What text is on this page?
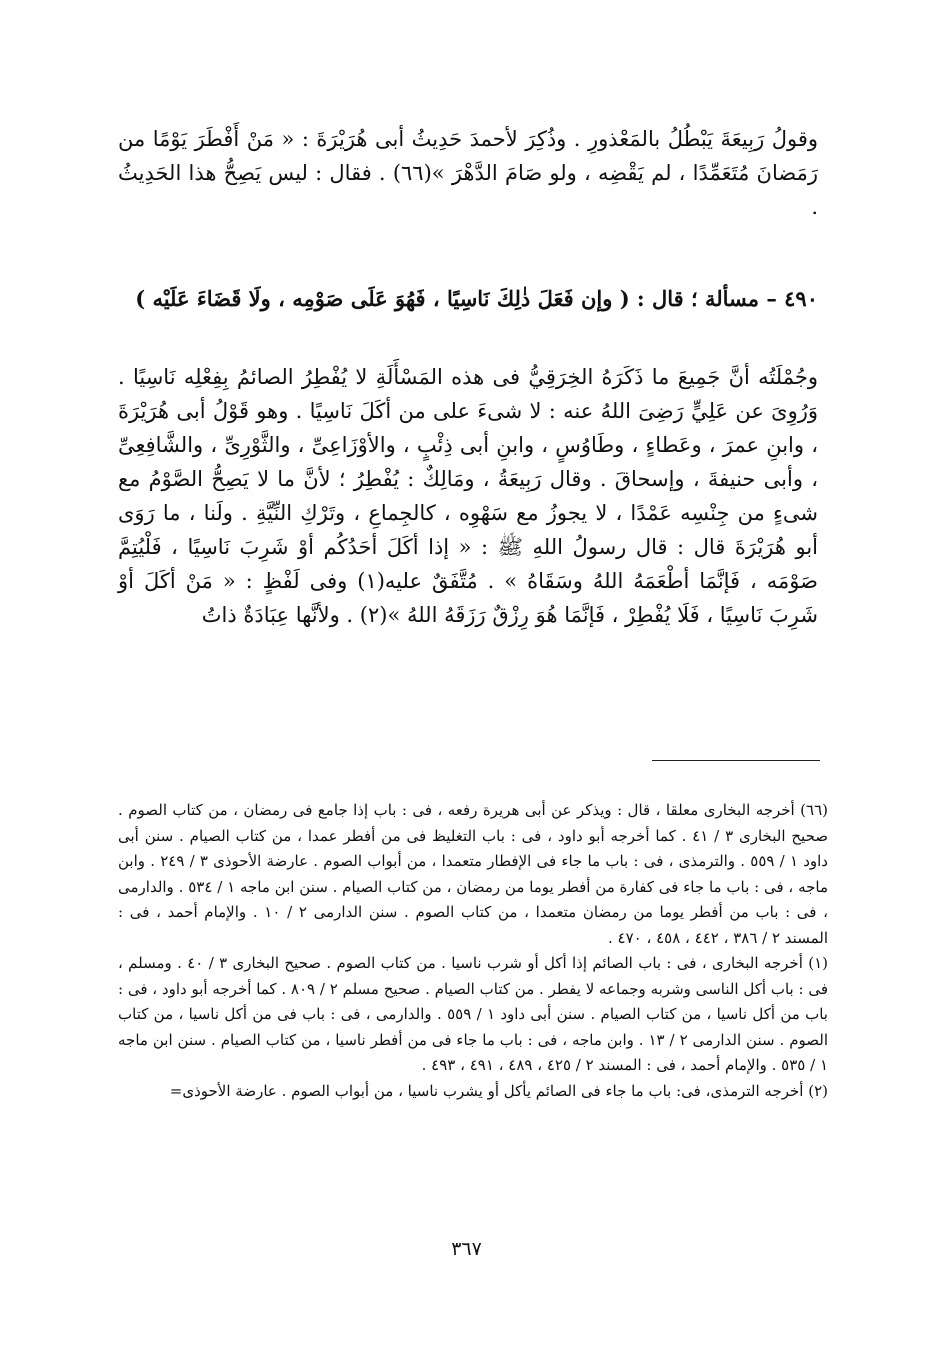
وقولُ رَبِيعَةَ يَبْطُلُ بالمَعْذورِ . وذُكِرَ لأحمدَ حَدِيثُ أبى هُرَيْرَةَ : « مَنْ أَفْطَرَ يَوْمًا من رَمَضانَ مُتَعَمِّدًا ، لم يَقْضِه ، ولو صَامَ الدَّهْرَ »(٦٦) . فقال : ليس يَصِحُّ هذا الحَدِيثُ .

٤٩٠ – مسألة ؛ قال : ( وإن فَعَلَ ذٰلِكَ نَاسِيًا ، فَهُوَ عَلَى صَوْمِه ، ولَا قَضَاءَ عَلَيْه )

وجُمْلَتُه أنَّ جَمِيعَ ما ذَكَرَهُ الخِرَقِيُّ فى هذه المَسْأَلَةِ لا يُفْطِرُ الصائمُ بِفِعْلِه نَاسِيًا . وَرُوِىَ عن عَلِيٍّ رَضِىَ اللهُ عنه : لا شىءَ على من أكَلَ نَاسِيًا . وهو قَوْلُ أبى هُرَيْرَةَ ، وابنِ عمرَ ، وعَطاءٍ ، وطَاوُسٍ ، وابنِ أبى ذِئْبٍ ، والأوْزَاعِىِّ ، والثَّوْرِىِّ ، والشَّافِعِىِّ ، وأبى حنيفةَ ، وإسحاقَ . وقال رَبِيعَةُ ، ومَالِكٌ : يُفْطِرُ ؛ لأنَّ ما لا يَصِحُّ الصَّوْمُ مع شىءٍ من جِنْسِه عَمْدًا ، لا يجوزُ مع سَهْوِه ، كالجِماعِ ، وتَرْكِ النِّيَّةِ . ولَنا ، ما رَوَى أبو هُرَيْرَةَ قال : قال رسولُ اللهِ ﷺ : « إذا أكَلَ أحَدُكُم أوْ شَرِبَ نَاسِيًا ، فَلْيُتِمَّ صَوْمَه ، فَإنَّمَا أطْعَمَهُ اللهُ وسَقَاهُ » . مُتَّفَقٌ عليه(١) وفى لَفْظٍ : « مَنْ أكَلَ أوْ شَرِبَ نَاسِيًا ، فَلَا يُفْطِرْ ، فَإنَّمَا هُوَ رِزْقٌ رَزَقَهُ اللهُ »(٢) . ولأنَّها عِبَادَةٌ ذاتُ

(٦٦) أخرجه البخارى معلقا ، قال : ويذكر عن أبى هريرة رفعه ، فى : باب إذا جامع فى رمضان ، من كتاب الصوم . صحيح البخارى ٣ / ٤١ . كما أخرجه أبو داود ، فى : باب التغليظ فى من أفطر عمدا ، من كتاب الصيام . سنن أبى داود ١ / ٥٥٩ . والترمذى ، فى : باب ما جاء فى الإفطار متعمدا ، من أبواب الصوم . عارضة الأحوذى ٣ / ٢٤٩ . وابن ماجه ، فى : باب ما جاء فى كفارة من أفطر يوما من رمضان ، من كتاب الصيام . سنن ابن ماجه ١ / ٥٣٤ . والدارمى ، فى : باب من أفطر يوما من رمضان متعمدا ، من كتاب الصوم . سنن الدارمى ٢ / ١٠ . والإمام أحمد ، فى : المسند ٢ / ٣٨٦ ، ٤٤٢ ، ٤٥٨ ، ٤٧٠ .

(١) أخرجه البخارى ، فى : باب الصائم إذا أكل أو شرب ناسيا . من كتاب الصوم . صحيح البخارى ٣ / ٤٠ . ومسلم ، فى : باب أكل الناسى وشربه وجماعه لا يفطر . من كتاب الصيام . صحيح مسلم ٢ / ٨٠٩ . كما أخرجه أبو داود ، فى : باب من أكل ناسيا ، من كتاب الصيام . سنن أبى داود ١ / ٥٥٩ . والدارمى ، فى : باب فى من أكل ناسيا ، من كتاب الصوم . سنن الدارمى ٢ / ١٣ . وابن ماجه ، فى : باب ما جاء فى من أفطر ناسيا ، من كتاب الصيام . سنن ابن ماجه ١ / ٥٣٥ . والإمام أحمد ، فى : المسند ٢ / ٤٢٥ ، ٤٨٩ ، ٤٩١ ، ٤٩٣ .

(٢) أخرجه الترمذى، فى: باب ما جاء فى الصائم يأكل أو يشرب ناسيا ، من أبواب الصوم . عارضة الأحوذى=

٣٦٧
